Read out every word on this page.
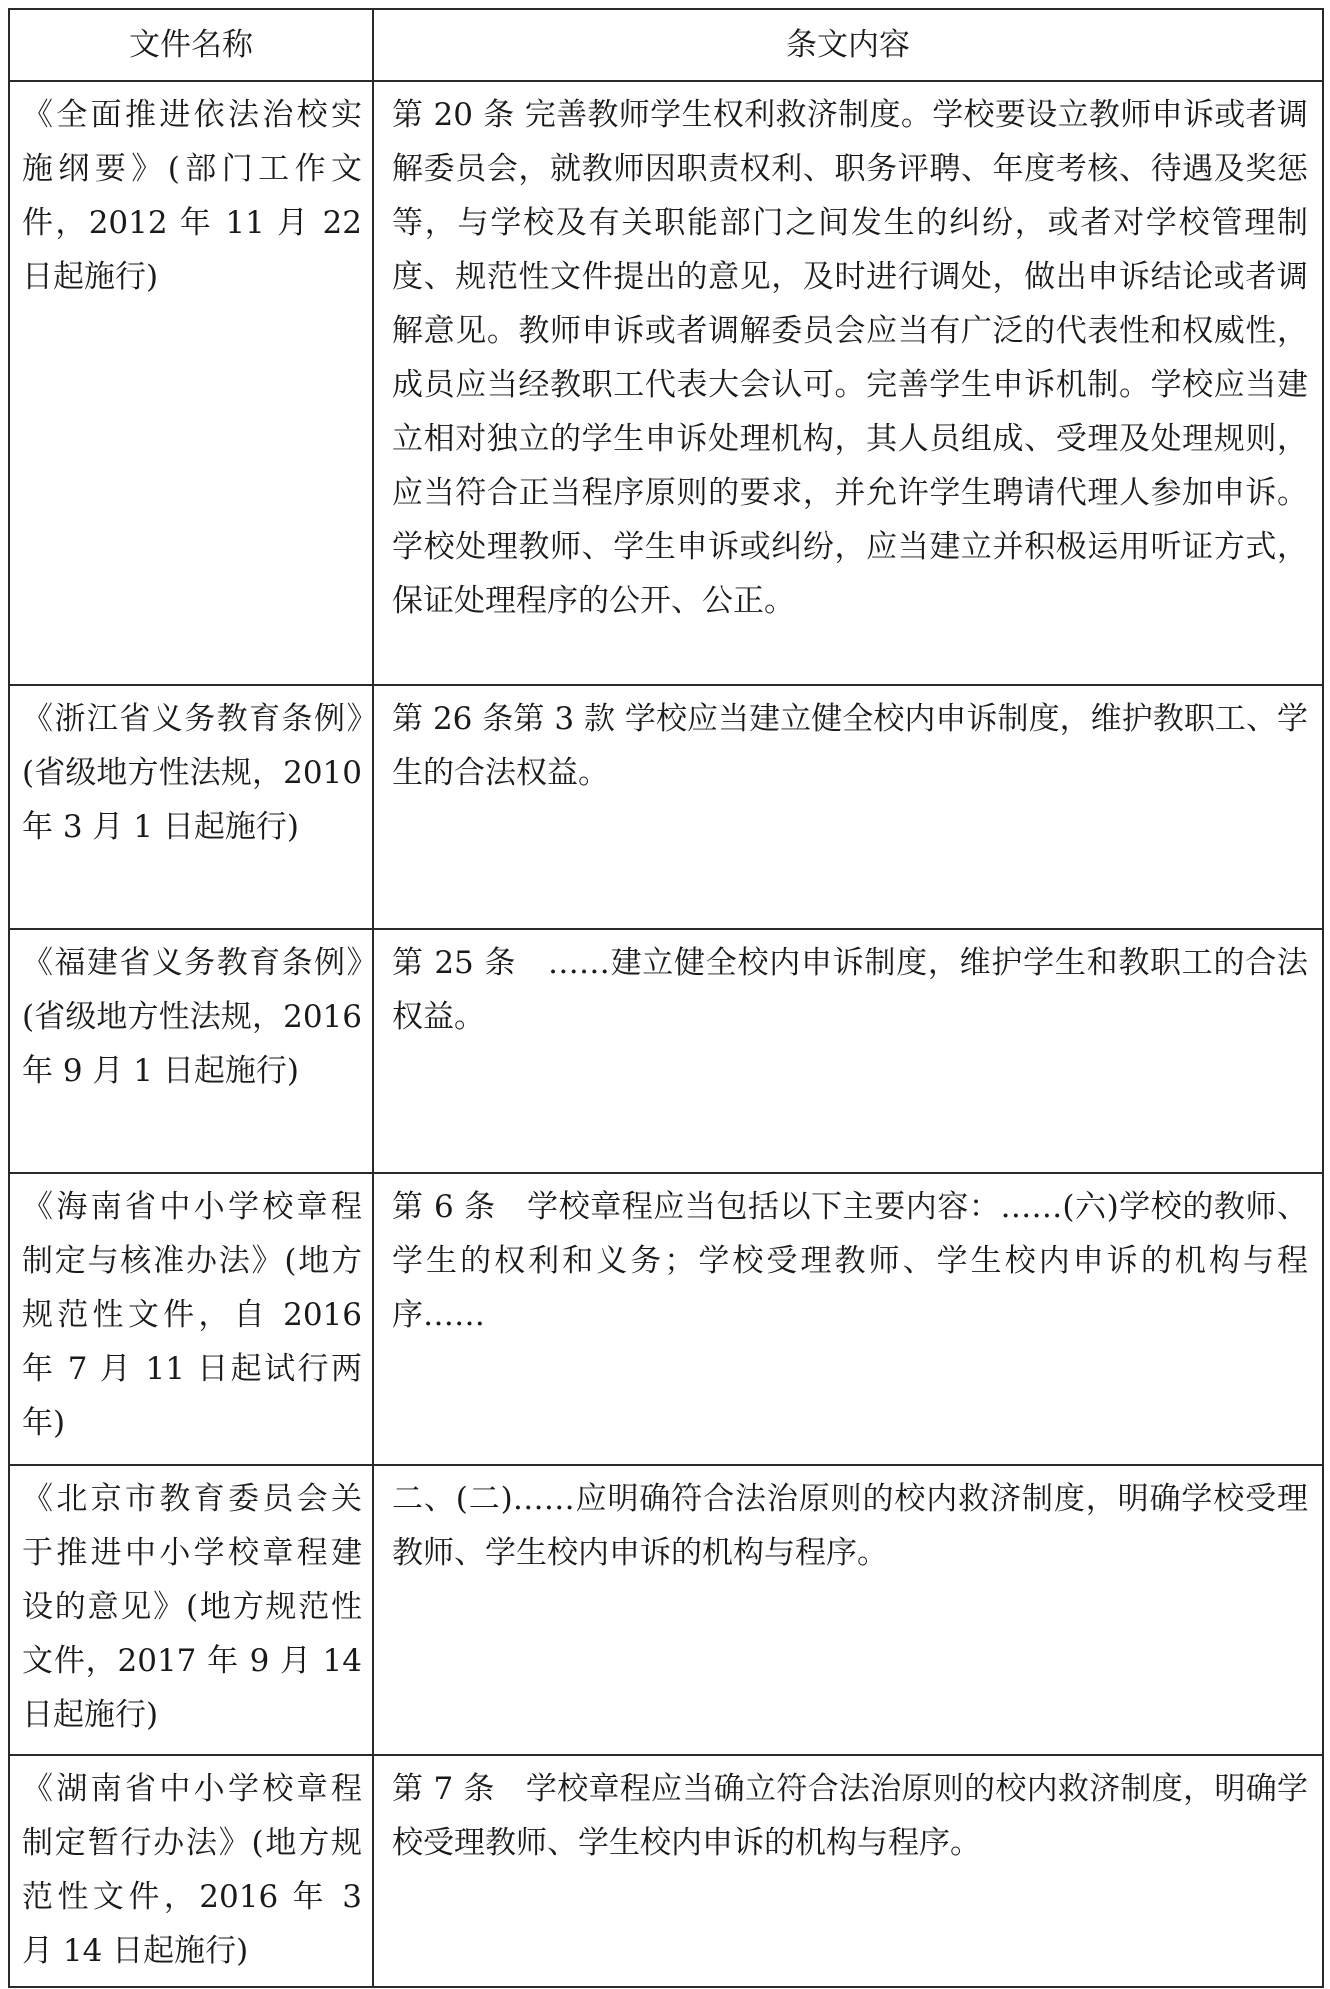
文件名称	条文内容
《全面推进依法治校实施纲要》(部门工作文件，2012 年 11 月 22 日起施行)	第 20 条 完善教师学生权利救济制度。学校要设立教师申诉或者调解委员会，就教师因职责权利、职务评聘、年度考核、待遇及奖惩等，与学校及有关职能部门之间发生的纠纷，或者对学校管理制度、规范性文件提出的意见，及时进行调处，做出申诉结论或者调解意见。教师申诉或者调解委员会应当有广泛的代表性和权威性，成员应当经教职工代表大会认可。完善学生申诉机制。学校应当建立相对独立的学生申诉处理机构，其人员组成、受理及处理规则，应当符合正当程序原则的要求，并允许学生聘请代理人参加申诉。学校处理教师、学生申诉或纠纷，应当建立并积极运用听证方式，保证处理程序的公开、公正。
《浙江省义务教育条例》(省级地方性法规，2010 年 3 月 1 日起施行)	第 26 条第 3 款 学校应当建立健全校内申诉制度，维护教职工、学生的合法权益。
《福建省义务教育条例》(省级地方性法规，2016 年 9 月 1 日起施行)	第 25 条　……建立健全校内申诉制度，维护学生和教职工的合法权益。
《海南省中小学校章程制定与核准办法》(地方规范性文件，自 2016 年 7 月 11 日起试行两年)	第 6 条　学校章程应当包括以下主要内容：……(六)学校的教师、学生的权利和义务；学校受理教师、学生校内申诉的机构与程序……
《北京市教育委员会关于推进中小学校章程建设的意见》(地方规范性文件，2017 年 9 月 14 日起施行)	二、(二)……应明确符合法治原则的校内救济制度，明确学校受理教师、学生校内申诉的机构与程序。
《湖南省中小学校章程制定暂行办法》(地方规范性文件，2016 年 3 月 14 日起施行)	第 7 条　学校章程应当确立符合法治原则的校内救济制度，明确学校受理教师、学生校内申诉的机构与程序。
